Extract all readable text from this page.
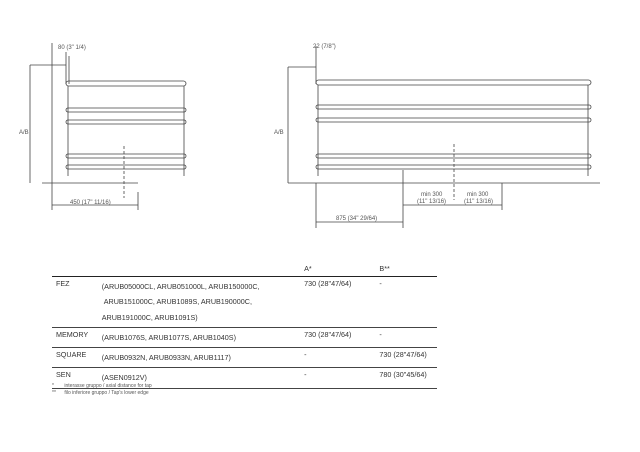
80 (3" 1/4)
A/B
450 (17" 11/16)
22 (7/8")
A/B
min 300
(11" 13/16)
min 300
(11" 13/16)
875 (34" 29/64)
		A*	B**
FEZ	(ARUB05000CL, ARUB051000L, ARUB150000C,
ARUB151000C, ARUB1089S, ARUB190000C,
ARUB191000C, ARUB1091S)	730 (28"47/64)	-
MEMORY	(ARUB1076S, ARUB1077S, ARUB1040S)	730 (28"47/64)	-
SQUARE	(ARUB0932N, ARUB0933N, ARUB1117)	-	730 (28"47/64)
SEN	(ASEN0912V)	-	780 (30"45/64)
* interasse gruppo / axial distance for tap
** filo inferiore gruppo / Tap's lower edge
